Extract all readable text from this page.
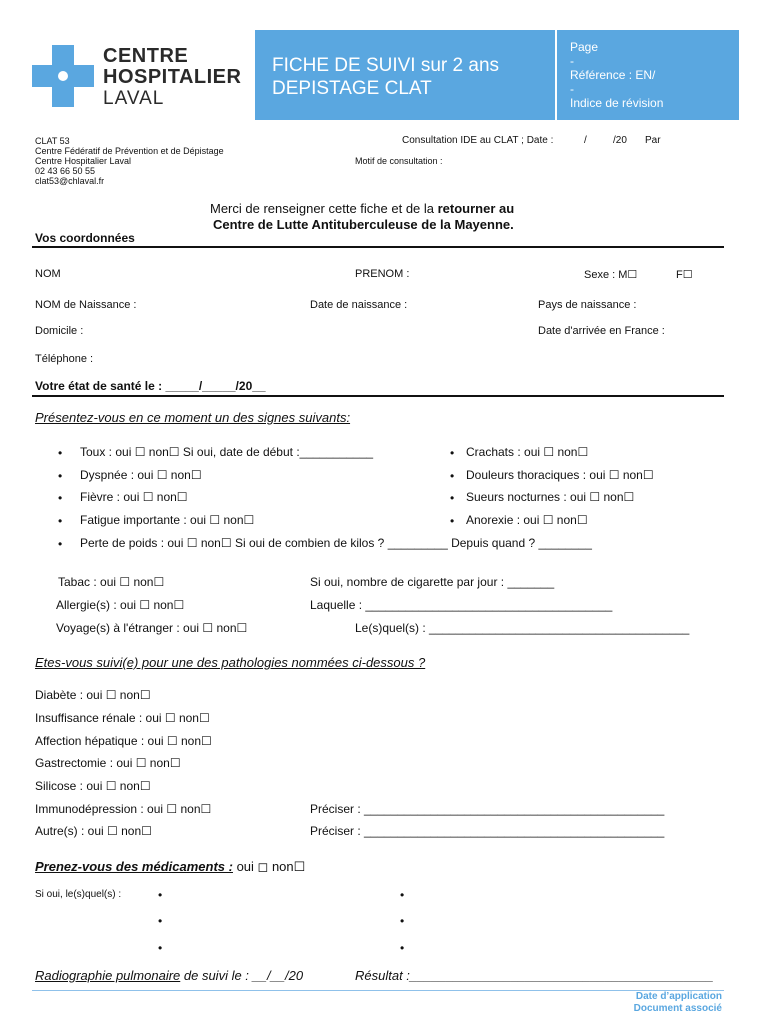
CENTRE
HOSPITALIER
LAVAL
FICHE DE SUIVI sur 2 ans
DEPISTAGE CLAT
Page
-
Référence : EN/
-
Indice de révision
CLAT 53
Centre Fédératif de Prévention et de Dépistage
Centre Hospitalier Laval
02 43 66 50 55
clat53@chlaval.fr
Consultation IDE au CLAT ; Date :	/	/20 Par
Motif de consultation :
Merci de renseigner cette fiche et de la retourner au
Centre de Lutte Antituberculeuse de la Mayenne.
Vos coordonnées
NOM	PRENOM :	Sexe : M☐	F☐
NOM de Naissance :	Date de naissance :	Pays de naissance :
Domicile :	Date d'arrivée en France :
Téléphone :
Votre état de santé le : _____/_____/20__
Présentez-vous en ce moment un des signes suivants:
• Toux : oui ☐ non☐ Si oui, date de début :___________
• Dyspnée : oui ☐ non☐
• Fièvre : oui ☐ non☐
• Fatigue importante : oui ☐ non☐
• Crachats : oui ☐ non☐
• Douleurs thoraciques : oui ☐ non☐
• Sueurs nocturnes : oui ☐ non☐
• Anorexie : oui ☐ non☐
• Perte de poids : oui ☐ non☐ Si oui de combien de kilos ? _________ Depuis quand ? ________
Tabac : oui ☐ non☐	Si oui, nombre de cigarette par jour : _______
Allergie(s) : oui ☐ non☐	Laquelle : _____________________________________
Voyage(s) à l'étranger : oui ☐ non☐	Le(s)quel(s) : _______________________________________
Etes-vous suivi(e) pour une des pathologies nommées ci-dessous ?
Diabète : oui ☐ non☐
Insuffisance rénale : oui ☐ non☐
Affection hépatique : oui ☐ non☐
Gastrectomie : oui ☐ non☐
Silicose : oui ☐ non☐
Immunodépression : oui ☐ non☐	Préciser : _____________________________________________
Autre(s) : oui ☐ non☐	Préciser : _____________________________________________
Prenez-vous des médicaments : oui ◻ non☐
Si oui, le(s)quel(s) :	•
•
•
•
•
•
Radiographie pulmonaire de suivi le : __/__/20	Résultat :__________________________________________
Date d’application
Document associé
